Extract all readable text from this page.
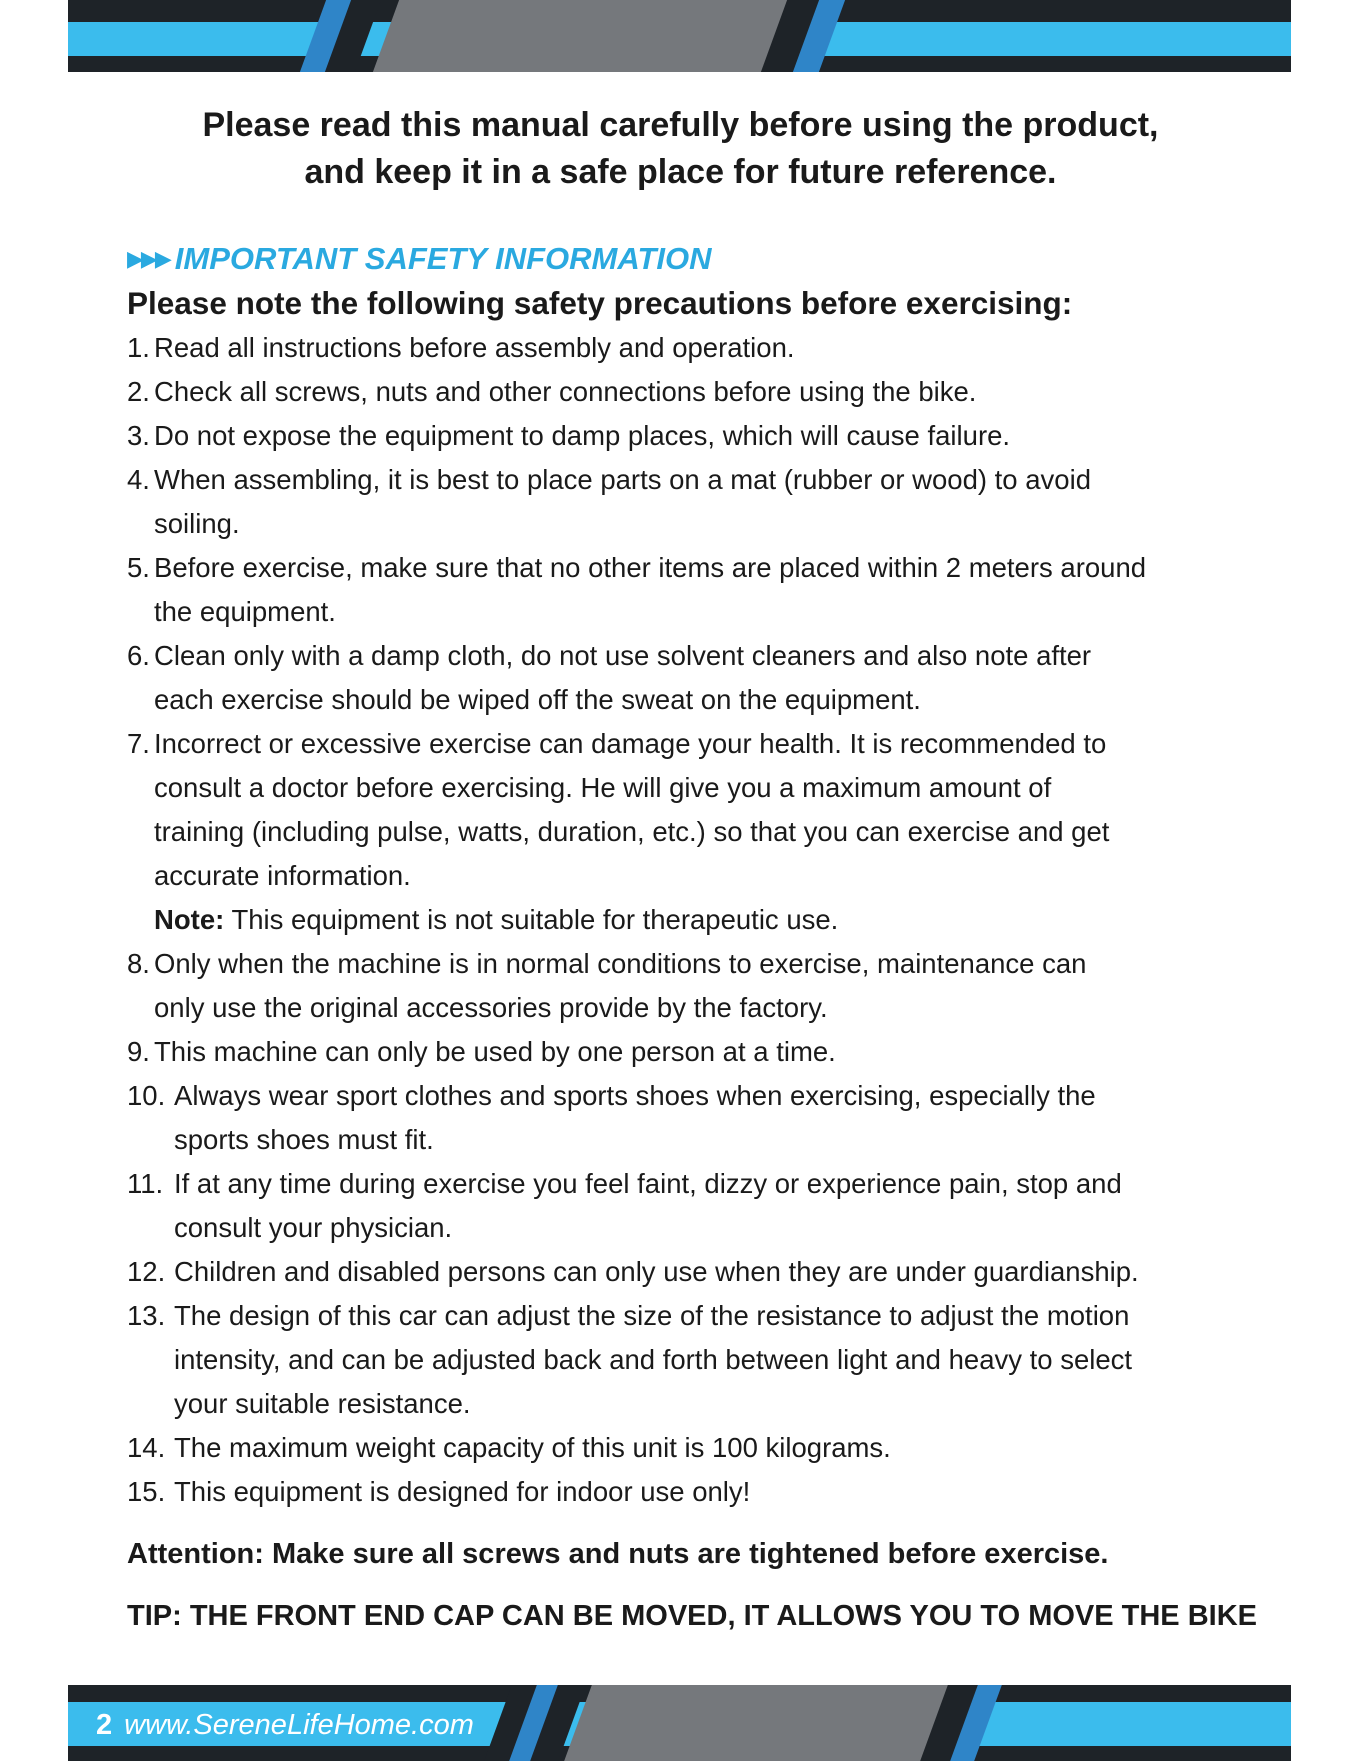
Please read this manual carefully before using the product,
and keep it in a safe place for future reference.
▶▶▶ IMPORTANT SAFETY INFORMATION
Please note the following safety precautions before exercising:
1. Read all instructions before assembly and operation.
2. Check all screws, nuts and other connections before using the bike.
3. Do not expose the equipment to damp places, which will cause failure.
4. When assembling, it is best to place parts on a mat (rubber or wood) to avoid
soiling.
5. Before exercise, make sure that no other items are placed within 2 meters around
the equipment.
6. Clean only with a damp cloth, do not use solvent cleaners and also note after
each exercise should be wiped off the sweat on the equipment.
7. Incorrect or excessive exercise can damage your health. It is recommended to
consult a doctor before exercising. He will give you a maximum amount of
training (including pulse, watts, duration, etc.) so that you can exercise and get
accurate information.
Note: This equipment is not suitable for therapeutic use.
8. Only when the machine is in normal conditions to exercise, maintenance can
only use the original accessories provide by the factory.
9. This machine can only be used by one person at a time.
10. Always wear sport clothes and sports shoes when exercising, especially the
sports shoes must fit.
11. If at any time during exercise you feel faint, dizzy or experience pain, stop and
consult your physician.
12. Children and disabled persons can only use when they are under guardianship.
13. The design of this car can adjust the size of the resistance to adjust the motion
intensity, and can be adjusted back and forth between light and heavy to select
your suitable resistance.
14. The maximum weight capacity of this unit is 100 kilograms.
15. This equipment is designed for indoor use only!
Attention: Make sure all screws and nuts are tightened before exercise.
TIP: THE FRONT END CAP CAN BE MOVED, IT ALLOWS YOU TO MOVE THE BIKE
2 www.SereneLifeHome.com
